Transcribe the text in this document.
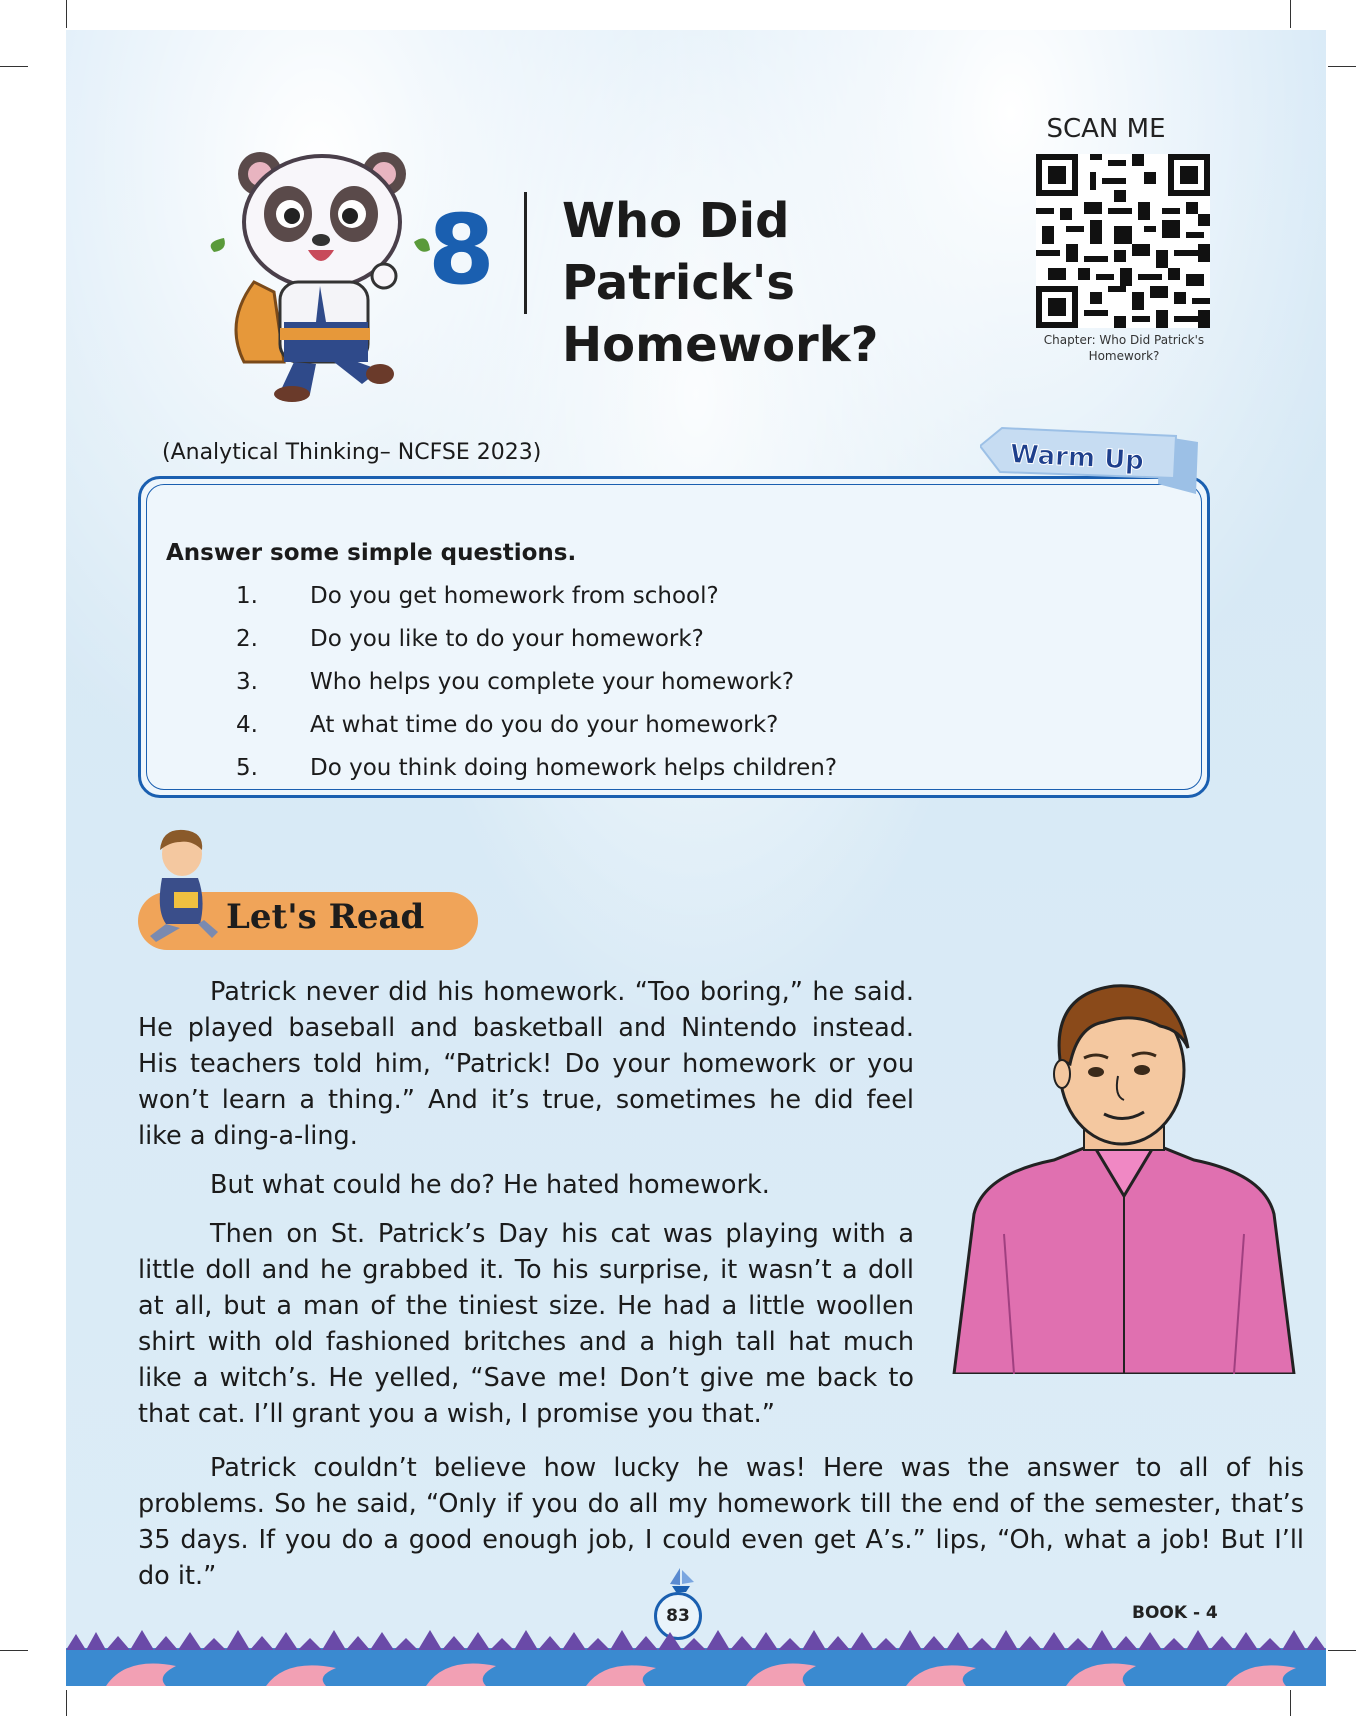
8 Who Did Patrick's
Homework?
SCAN ME
Chapter: Who Did Patrick's
Homework?
(Analytical Thinking– NCFSE 2023)	Warm Up
Answer some simple questions.
1.	Do you get homework from school?
2.	Do you like to do your homework?
3.	Who helps you complete your homework?
4.	At what time do you do your homework?
5.	Do you think doing homework helps children?
Let's Read

Patrick never did his homework. “Too boring,” he said. He played baseball and basketball and Nintendo instead. His teachers told him, “Patrick! Do your homework or you won’t learn a thing.” And it’s true, sometimes he did feel like a ding-a-ling.

But what could he do? He hated homework.

Then on St. Patrick’s Day his cat was playing with a little doll and he grabbed it. To his surprise, it wasn’t a doll at all, but a man of the tiniest size. He had a little woollen shirt with old fashioned britches and a high tall hat much like a witch’s. He yelled, “Save me! Don’t give me back to that cat. I’ll grant you a wish, I promise you that.”

Patrick couldn’t believe how lucky he was! Here was the answer to all of his problems. So he said, “Only if you do all my homework till the end of the semester, that’s 35 days. If you do a good enough job, I could even get A’s.” lips, “Oh, what a job! But I’ll do it.”

83	BOOK - 4
